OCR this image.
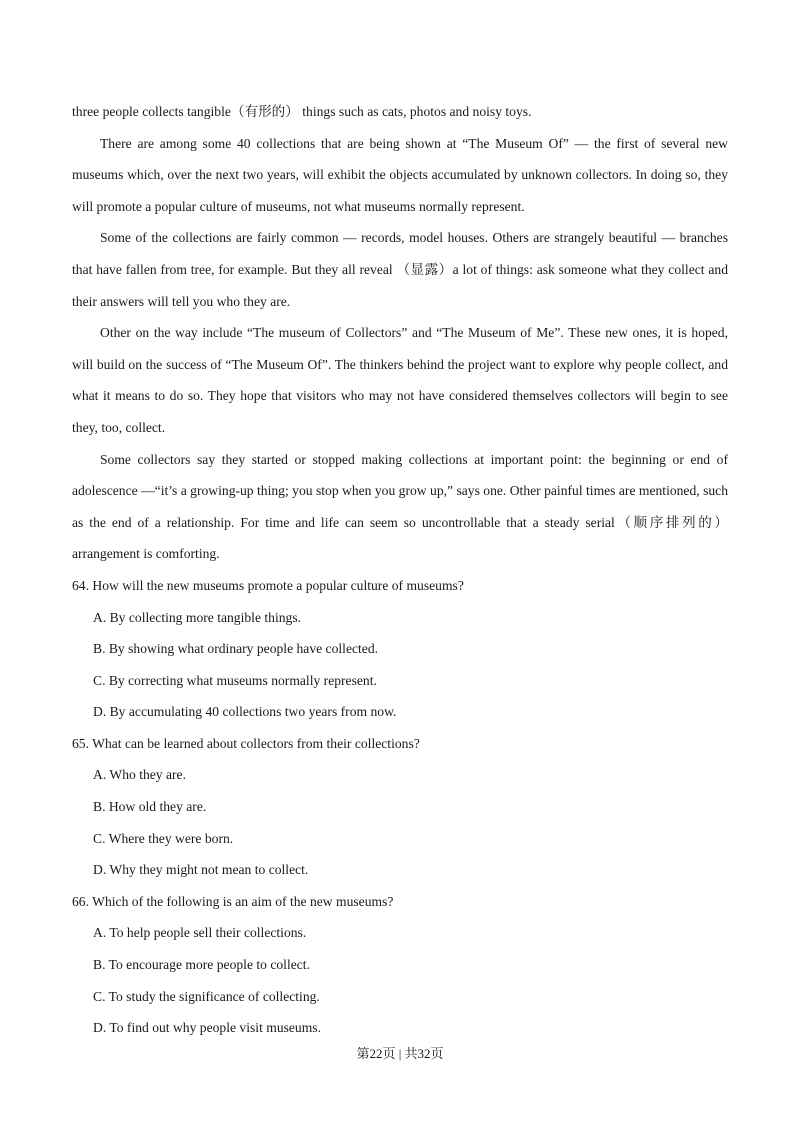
three people collects tangible（有形的） things such as cats, photos and noisy toys.

There are among some 40 collections that are being shown at “The Museum Of” — the first of several new museums which, over the next two years, will exhibit the objects accumulated by unknown collectors. In doing so, they will promote a popular culture of museums, not what museums normally represent.

Some of the collections are fairly common — records, model houses. Others are strangely beautiful — branches that have fallen from tree, for example. But they all reveal （显露）a lot of things: ask someone what they collect and their answers will tell you who they are.

Other on the way include “The museum of Collectors” and “The Museum of Me”. These new ones, it is hoped, will build on the success of “The Museum Of”. The thinkers behind the project want to explore why people collect, and what it means to do so. They hope that visitors who may not have considered themselves collectors will begin to see they, too, collect.

Some collectors say they started or stopped making collections at important point: the beginning or end of adolescence —“it’s a growing-up thing; you stop when you grow up,” says one. Other painful times are mentioned, such as the end of a relationship. For time and life can seem so uncontrollable that a steady serial（顺序排列的）arrangement is comforting.

64. How will the new museums promote a popular culture of museums?

A. By collecting more tangible things.

B. By showing what ordinary people have collected.

C. By correcting what museums normally represent.

D. By accumulating 40 collections two years from now.

65. What can be learned about collectors from their collections?

A. Who they are.

B. How old they are.

C. Where they were born.

D. Why they might not mean to collect.

66. Which of the following is an aim of the new museums?

A. To help people sell their collections.

B. To encourage more people to collect.

C. To study the significance of collecting.

D. To find out why people visit museums.

第22页 | 共32页
